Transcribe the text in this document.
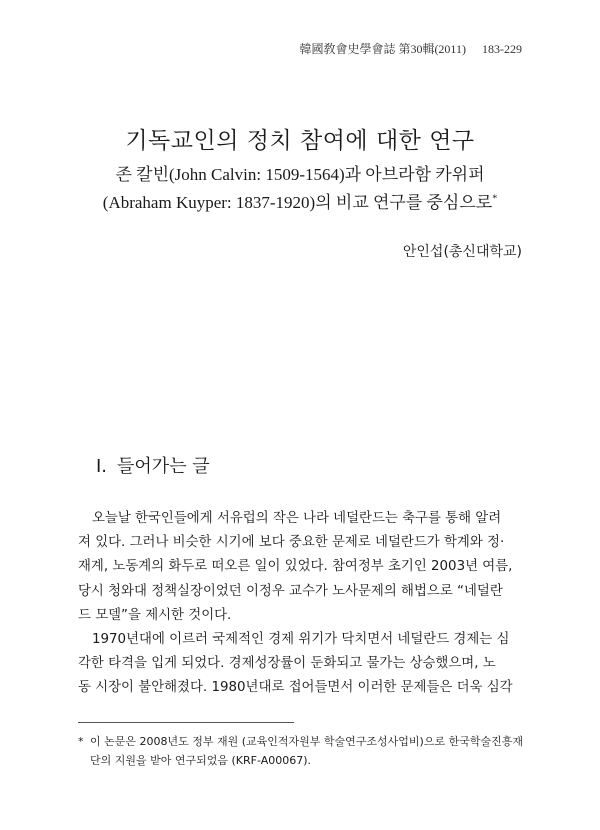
韓國敎會史學會誌 第30輯(2011) 183-229
기독교인의 정치 참여에 대한 연구
존 칼빈(John Calvin: 1509-1564)과 아브라함 카위퍼
(Abraham Kuyper: 1837-1920)의 비교 연구를 중심으로*
안인섭(총신대학교)
Ⅰ. 들어가는 글
오늘날 한국인들에게 서유럽의 작은 나라 네덜란드는 축구를 통해 알려
져 있다. 그러나 비슷한 시기에 보다 중요한 문제로 네덜란드가 학계와 정·
재계, 노동계의 화두로 떠오른 일이 있었다. 참여정부 초기인 2003년 여름,
당시 청와대 정책실장이었던 이정우 교수가 노사문제의 해법으로 “네덜란
드 모델”을 제시한 것이다.
1970년대에 이르러 국제적인 경제 위기가 닥치면서 네덜란드 경제는 심
각한 타격을 입게 되었다. 경제성장률이 둔화되고 물가는 상승했으며, 노
동 시장이 불안해졌다. 1980년대로 접어들면서 이러한 문제들은 더욱 심각
* 이 논문은 2008년도 정부 재원 (교육인적자원부 학술연구조성사업비)으로 한국학술진흥재
단의 지원을 받아 연구되었음 (KRF-A00067).
